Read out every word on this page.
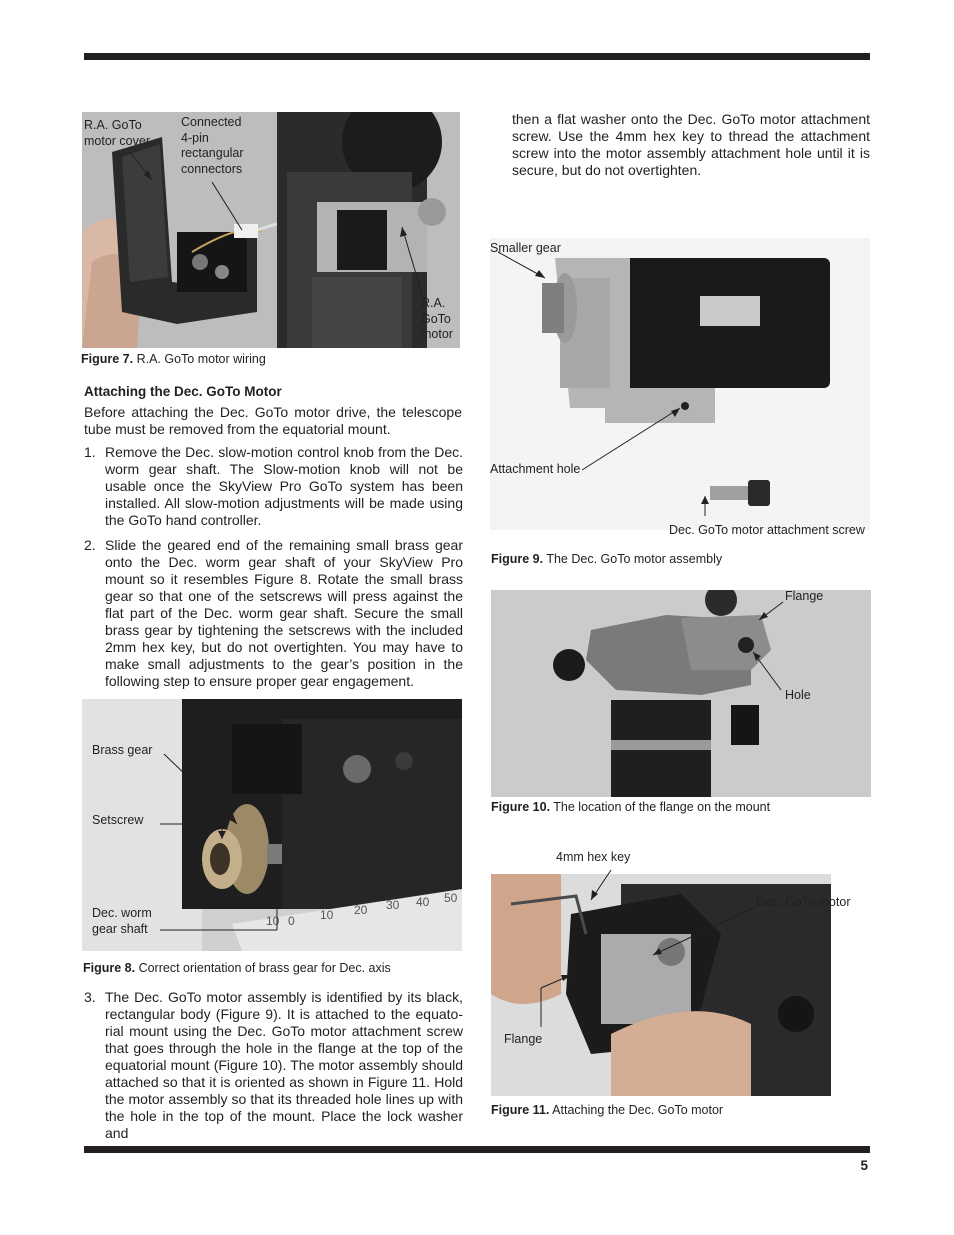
R.A. GoTo motor cover
Connected 4-pin rectangular connectors
R.A. GoTo motor
Figure 7. R.A. GoTo motor wiring
Attaching the Dec. GoTo Motor
Before attaching the Dec. GoTo motor drive, the telescope tube must be removed from the equatorial mount.
1. Remove the Dec. slow-motion control knob from the Dec. worm gear shaft. The Slow-motion knob will not be usable once the SkyView Pro GoTo system has been installed. All slow-motion adjustments will be made using the GoTo hand controller.
2. Slide the geared end of the remaining small brass gear onto the Dec. worm gear shaft of your SkyView Pro mount so it resembles Figure 8. Rotate the small brass gear so that one of the setscrews will press against the flat part of the Dec. worm gear shaft. Secure the small brass gear by tightening the setscrews with the included 2mm hex key, but do not overtighten. You may have to make small adjustments to the gear’s position in the following step to ensure proper gear engagement.
Brass gear
Setscrew
Dec. worm gear shaft
10 0 10 20 30 40 50
Figure 8. Correct orientation of brass gear for Dec. axis
3. The Dec. GoTo motor assembly is identified by its black, rectangular body (Figure 9). It is attached to the equato-rial mount using the Dec. GoTo motor attachment screw that goes through the hole in the flange at the top of the equatorial mount (Figure 10). The motor assembly should attached so that it is oriented as shown in Figure 11. Hold the motor assembly so that its threaded hole lines up with the hole in the top of the mount. Place the lock washer and
then a flat washer onto the Dec. GoTo motor attachment screw. Use the 4mm hex key to thread the attachment screw into the motor assembly attachment hole until it is secure, but do not overtighten.
Smaller gear
Attachment hole
Dec. GoTo motor attachment screw
Figure 9. The Dec. GoTo motor assembly
Flange
Hole
Figure 10. The location of the flange on the mount
4mm hex key
Dec. GoTo motor
Flange
Figure 11. Attaching the Dec. GoTo motor
5
